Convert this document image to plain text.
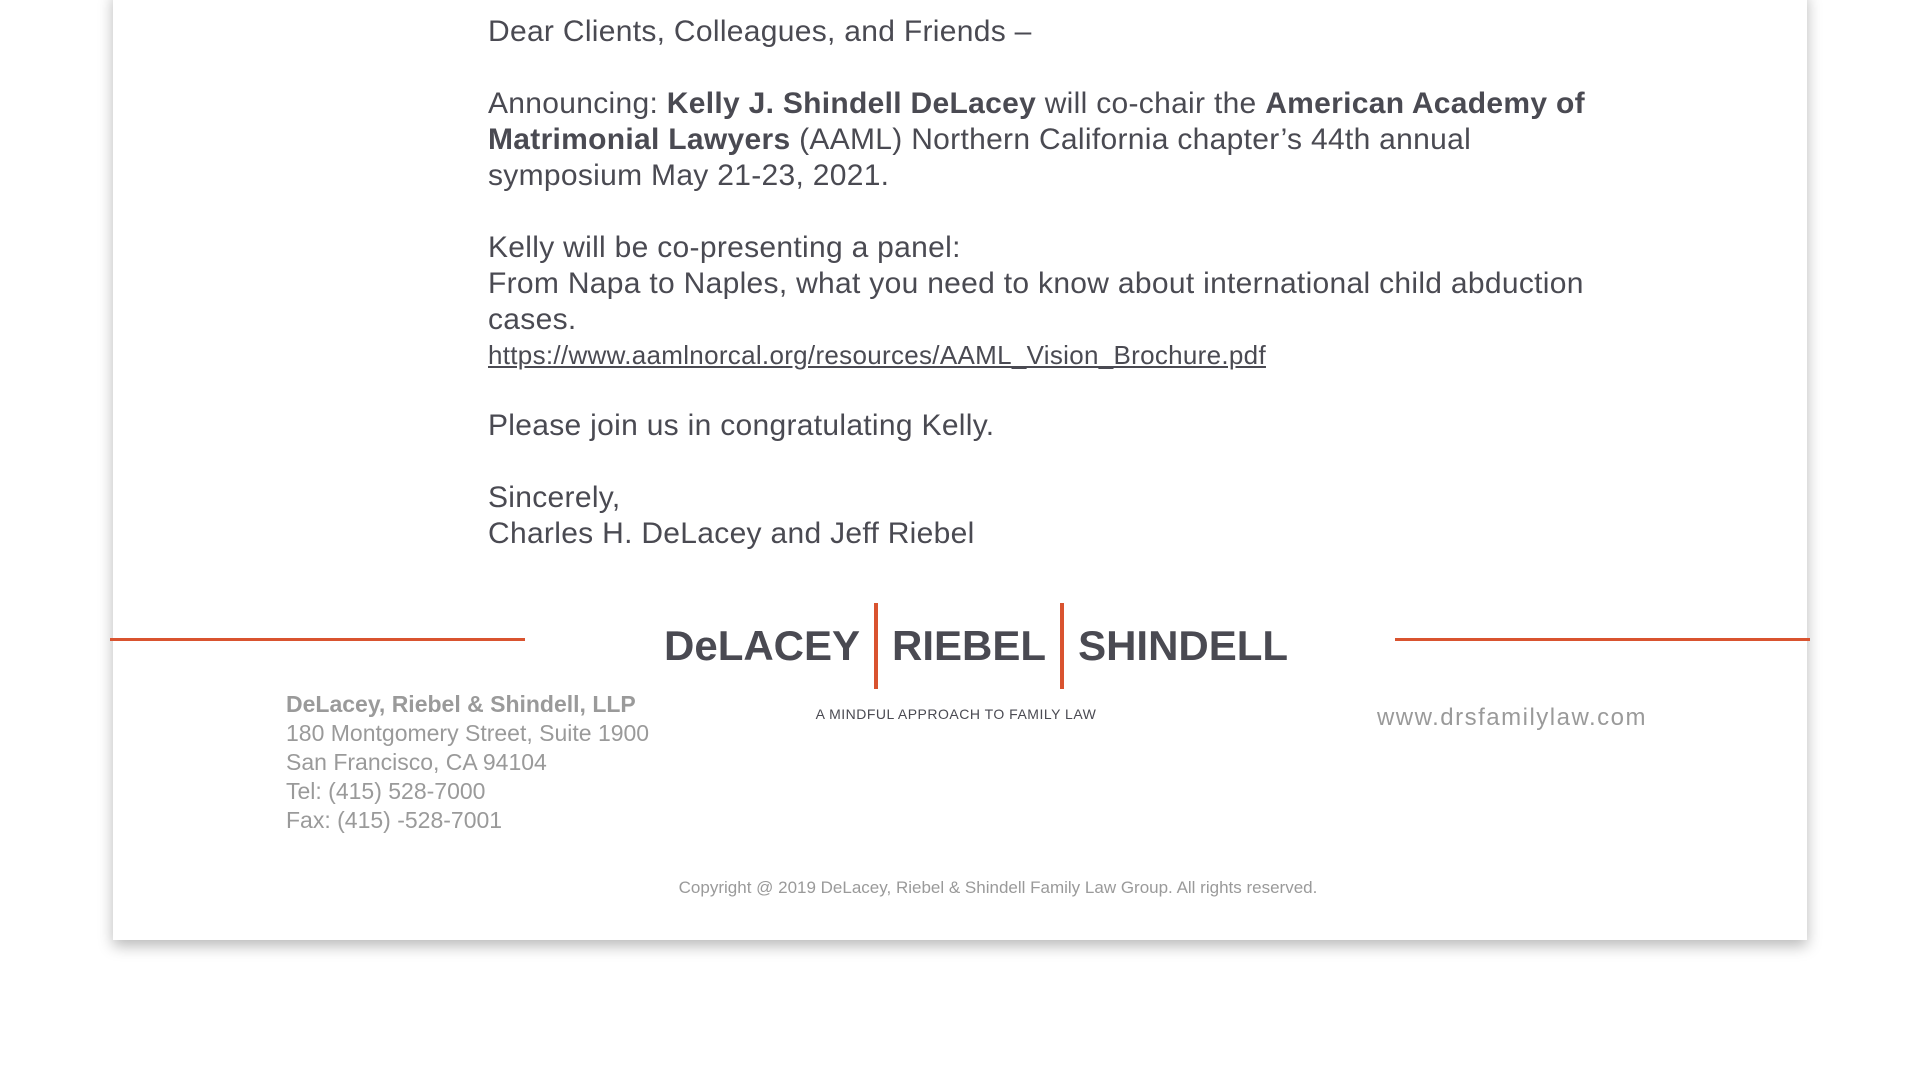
Dear Clients, Colleagues, and Friends –

Announcing: Kelly J. Shindell DeLacey will co-chair the American Academy of Matrimonial Lawyers (AAML) Northern California chapter’s 44th annual symposium May 21-23, 2021.

Kelly will be co-presenting a panel:
From Napa to Naples, what you need to know about international child abduction cases.
https://www.aamlnorcal.org/resources/AAML_Vision_Brochure.pdf

Please join us in congratulating Kelly.

Sincerely,
Charles H. DeLacey and Jeff Riebel

DeLacey, Riebel & Shindell, LLP
180 Montgomery Street, Suite 1900
San Francisco, CA 94104
Tel: (415) 528-7000
Fax: (415) -528-7001
www.drsfamilylaw.com
DeLACEY RIEBEL SHINDELL
A MINDFUL APPROACH TO FAMILY LAW
Copyright @ 2019 DeLacey, Riebel & Shindell Family Law Group. All rights reserved.
